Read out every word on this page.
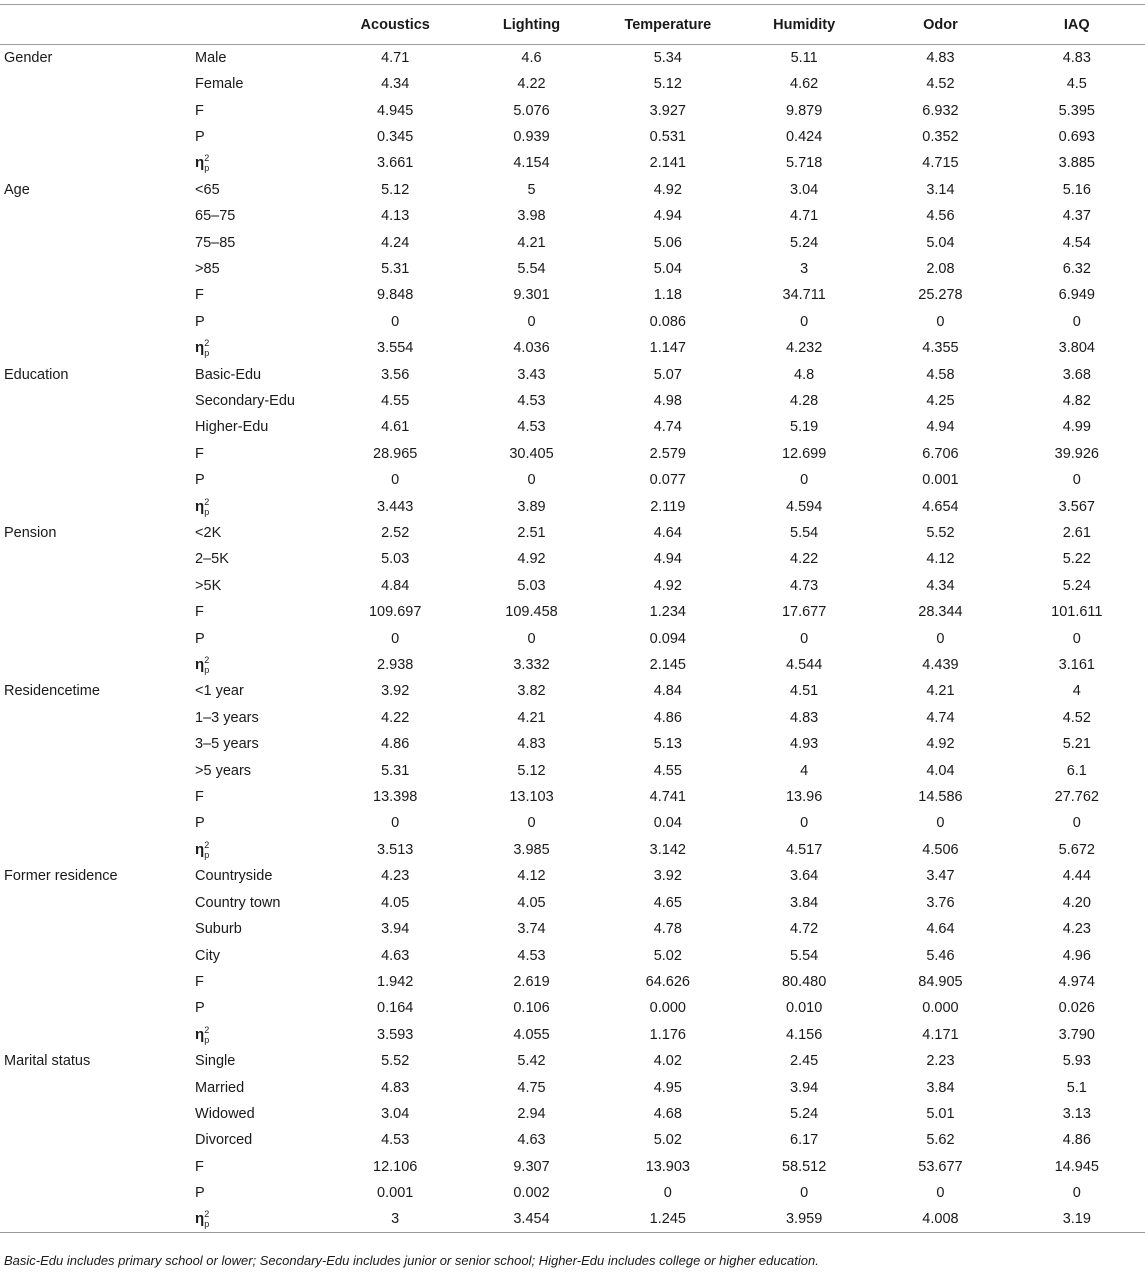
		Acoustics	Lighting	Temperature	Humidity	Odor	IAQ
Gender	Male	4.71	4.6	5.34	5.11	4.83	4.83
	Female	4.34	4.22	5.12	4.62	4.52	4.5
	F	4.945	5.076	3.927	9.879	6.932	5.395
	P	0.345	0.939	0.531	0.424	0.352	0.693
	$\eta^2_p$	3.661	4.154	2.141	5.718	4.715	3.885
Age	<65	5.12	5	4.92	3.04	3.14	5.16
	65–75	4.13	3.98	4.94	4.71	4.56	4.37
	75–85	4.24	4.21	5.06	5.24	5.04	4.54
	>85	5.31	5.54	5.04	3	2.08	6.32
	F	9.848	9.301	1.18	34.711	25.278	6.949
	P	0	0	0.086	0	0	0
	$\eta^2_p$	3.554	4.036	1.147	4.232	4.355	3.804
Education	Basic-Edu	3.56	3.43	5.07	4.8	4.58	3.68
	Secondary-Edu	4.55	4.53	4.98	4.28	4.25	4.82
	Higher-Edu	4.61	4.53	4.74	5.19	4.94	4.99
	F	28.965	30.405	2.579	12.699	6.706	39.926
	P	0	0	0.077	0	0.001	0
	$\eta^2_p$	3.443	3.89	2.119	4.594	4.654	3.567
Pension	<2K	2.52	2.51	4.64	5.54	5.52	2.61
	2–5K	5.03	4.92	4.94	4.22	4.12	5.22
	>5K	4.84	5.03	4.92	4.73	4.34	5.24
	F	109.697	109.458	1.234	17.677	28.344	101.611
	P	0	0	0.094	0	0	0
	$\eta^2_p$	2.938	3.332	2.145	4.544	4.439	3.161
Residencetime	<1 year	3.92	3.82	4.84	4.51	4.21	4
	1–3 years	4.22	4.21	4.86	4.83	4.74	4.52
	3–5 years	4.86	4.83	5.13	4.93	4.92	5.21
	>5 years	5.31	5.12	4.55	4	4.04	6.1
	F	13.398	13.103	4.741	13.96	14.586	27.762
	P	0	0	0.04	0	0	0
	$\eta^2_p$	3.513	3.985	3.142	4.517	4.506	5.672
Former residence	Countryside	4.23	4.12	3.92	3.64	3.47	4.44
	Country town	4.05	4.05	4.65	3.84	3.76	4.20
	Suburb	3.94	3.74	4.78	4.72	4.64	4.23
	City	4.63	4.53	5.02	5.54	5.46	4.96
	F	1.942	2.619	64.626	80.480	84.905	4.974
	P	0.164	0.106	0.000	0.010	0.000	0.026
	$\eta^2_p$	3.593	4.055	1.176	4.156	4.171	3.790
Marital status	Single	5.52	5.42	4.02	2.45	2.23	5.93
	Married	4.83	4.75	4.95	3.94	3.84	5.1
	Widowed	3.04	2.94	4.68	5.24	5.01	3.13
	Divorced	4.53	4.63	5.02	6.17	5.62	4.86
	F	12.106	9.307	13.903	58.512	53.677	14.945
	P	0.001	0.002	0	0	0	0
	$\eta^2_p$	3	3.454	1.245	3.959	4.008	3.19
Basic-Edu includes primary school or lower; Secondary-Edu includes junior or senior school; Higher-Edu includes college or higher education.
